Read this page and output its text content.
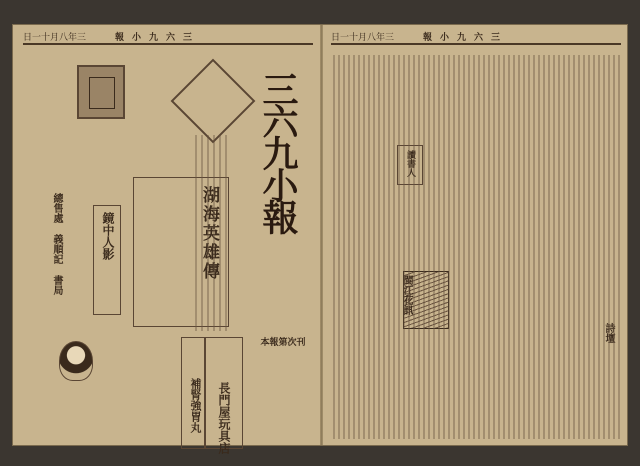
日一十月八年三	報小九六三	日一十月八年三	報小九六三
三六九小報
湖海英雄傳
鏡中人影
總售處 義順記 書局
長門屋玩具店
補腎強胃丸
本報第次刊
讀書人
詩壇
閩江花訊
